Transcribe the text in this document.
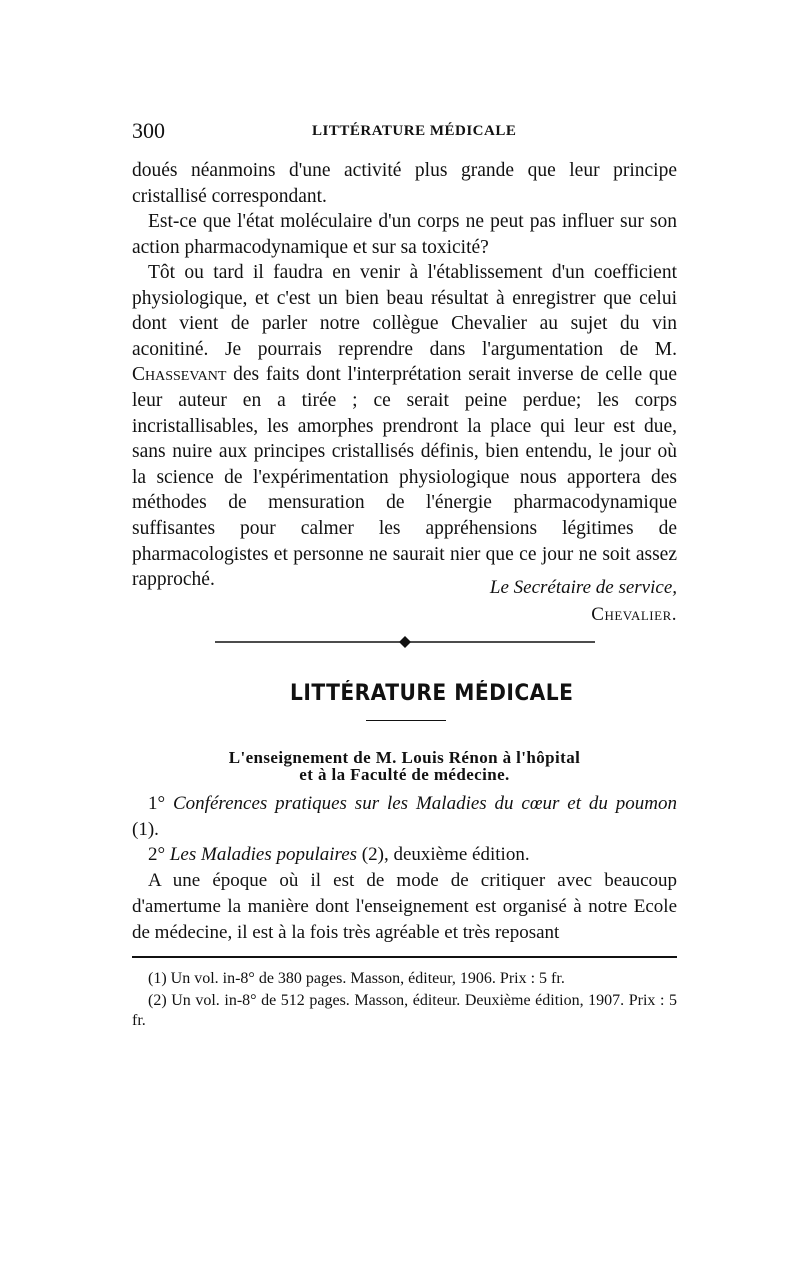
300	LITTÉRATURE MÉDICALE

doués néanmoins d'une activité plus grande que leur principe cristallisé correspondant.

Est-ce que l'état moléculaire d'un corps ne peut pas influer sur son action pharmacodynamique et sur sa toxicité?

Tôt ou tard il faudra en venir à l'établissement d'un coefficient physiologique, et c'est un bien beau résultat à enregistrer que celui dont vient de parler notre collègue Chevalier au sujet du vin aconitiné. Je pourrais reprendre dans l'argumentation de M. Chassevant des faits dont l'interprétation serait inverse de celle que leur auteur en a tirée ; ce serait peine perdue; les corps incristallisables, les amorphes prendront la place qui leur est due, sans nuire aux principes cristallisés définis, bien entendu, le jour où la science de l'expérimentation physiologique nous apportera des méthodes de mensuration de l'énergie pharmacodynamique suffisantes pour calmer les appréhensions légitimes de pharmacologistes et personne ne saurait nier que ce jour ne soit assez rapproché.	Le Secrétaire de service,

Chevalier.

LITTÉRATURE MÉDICALE

L'enseignement de M. Louis Rénon à l'hôpital

et à la Faculté de médecine.

1° Conférences pratiques sur les Maladies du cœur et du poumon (1).

2° Les Maladies populaires (2), deuxième édition.

A une époque où il est de mode de critiquer avec beaucoup d'amertume la manière dont l'enseignement est organisé à notre Ecole de médecine, il est à la fois très agréable et très reposant

(1) Un vol. in-8° de 380 pages. Masson, éditeur, 1906. Prix : 5 fr.

(2) Un vol. in-8° de 512 pages. Masson, éditeur. Deuxième édition, 1907. Prix : 5 fr.
